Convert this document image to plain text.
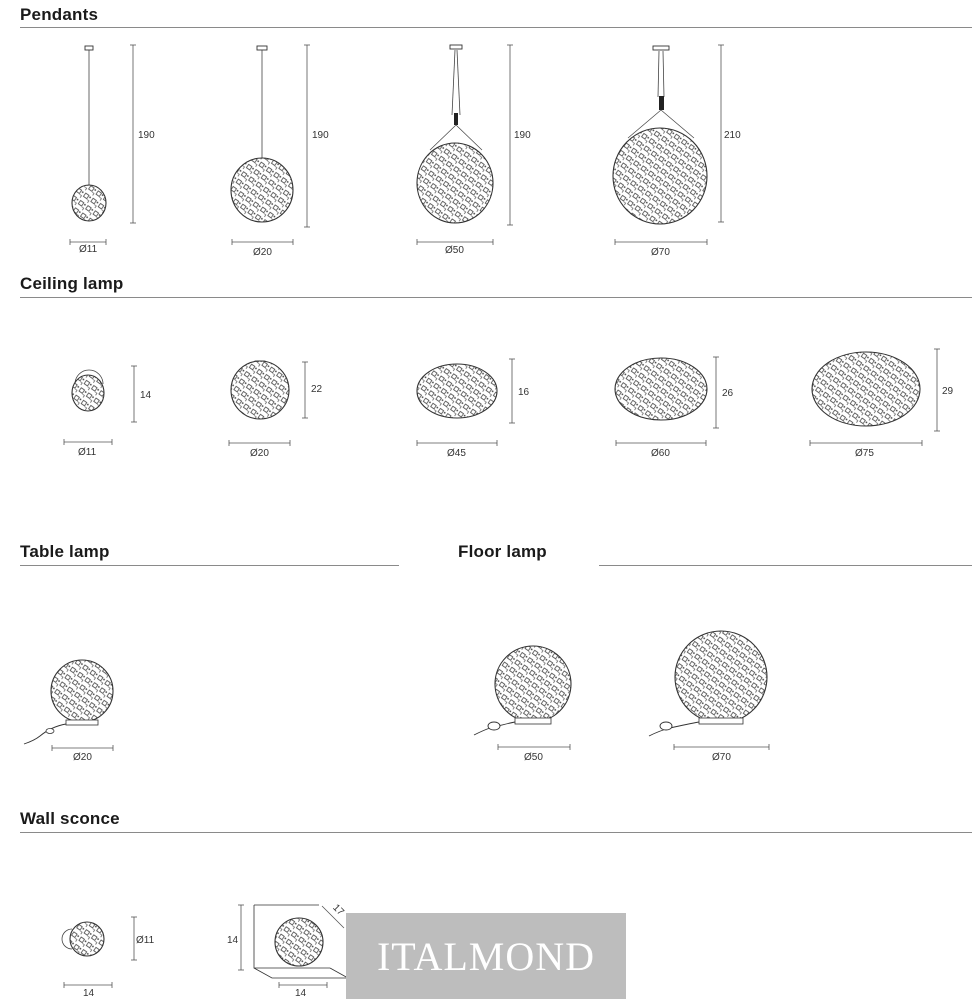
Pendants
Ceiling lamp
Table lamp	Floor lamp
Wall sconce
Ø11
190
Ø20
190
Ø50
190
Ø70
210
Ø11
14
Ø20
22
Ø45
16
Ø60
26
Ø75
29
Ø20	Ø50	Ø70
14
Ø11
14
14
17
ITALMOND
